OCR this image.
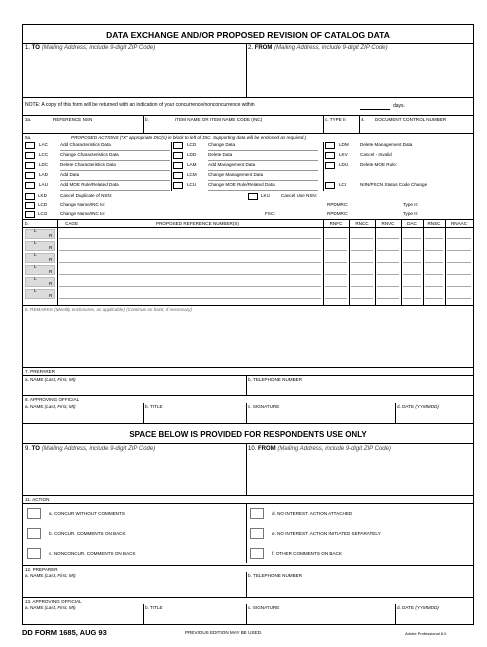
DATA EXCHANGE AND/OR PROPOSED REVISION OF CATALOG DATA
1. TO (Mailing Address, include 9-digit ZIP Code)	2. FROM (Mailing Address, include 9-digit ZIP Code)
NOTE: A copy of this form will be returned with an indication of your concurrence/nonconcurrence within	days.
3a.	REFERENCE NSN	b.	ITEM NAME OR ITEM NAME CODE (INC)	c. TYPE II	4. DOCUMENT CONTROL NUMBER
5a.	PROPOSED ACTIONS ("X" appropriate DIC(s) in block to left of DIC. Supporting data will be enclosed as required.)
LAC	Add Characteristics Data
LCC	Change Characteristics Data
LDC	Delete Characteristics Data
LAD	Add Data
LAU	Add MOE Rule/Related Data
LCD	Change Data
LDD	Delete Data
LAM	Add Management Data
LCM Change Management Data
LCU	Change MOE Rule/Related Data
LDM Delete Management Data
LKV	Cancel - Invalid
LDU	Delete MOE Rule:
LCI	NIIN/PSCN Status Code Change
LKD	Cancel Duplicate of NSN:	LKU Cancel Use NSN:
LCD	Change Name/INC to:	RPDMRC:	Type II:
LCG	Change Name/INC to:	FSC:	RPDMRC:	Type II:
b.	CAGE	PROPOSED REFERENCE NUMBER(S)	RNFC	RNCC	RNVC	DAC	RNSC	RNAAC
L
R
L
R
L
R
L
R
L
R
L
R
6. REMARKS (Identify enclosures, as applicable) (Continue on back, if necessary)
7. PREPARER
a. NAME (Last, First, MI)	b. TELEPHONE NUMBER
8. APPROVING OFFICIAL
a. NAME (Last, First, MI)	b. TITLE	c. SIGNATURE	d. DATE (YYMMDD)
SPACE BELOW IS PROVIDED FOR RESPONDENTS USE ONLY
9. TO (Mailing Address, include 9-digit ZIP Code)	10. FROM (Mailing Address, include 9-digit ZIP Code)
11. ACTION
a. CONCUR WITHOUT COMMENTS	d. NO INTEREST. ACTION ATTACHED
b. CONCUR. COMMENTS ON BACK	e. NO INTEREST. ACTION INITIATED SEPARATELY
c. NONCONCUR. COMMENTS ON BACK	f. OTHER COMMENTS ON BACK
12. PREPARER
a. NAME (Last, First, MI)	b. TELEPHONE NUMBER
13. APPROVING OFFICIAL
a. NAME (Last, First, MI)	b. TITLE	c. SIGNATURE	d. DATE (YYMMDD)
DD FORM 1685, AUG 93	PREVIOUS EDITION MAY BE USED.	Adobe Professional 8.0
